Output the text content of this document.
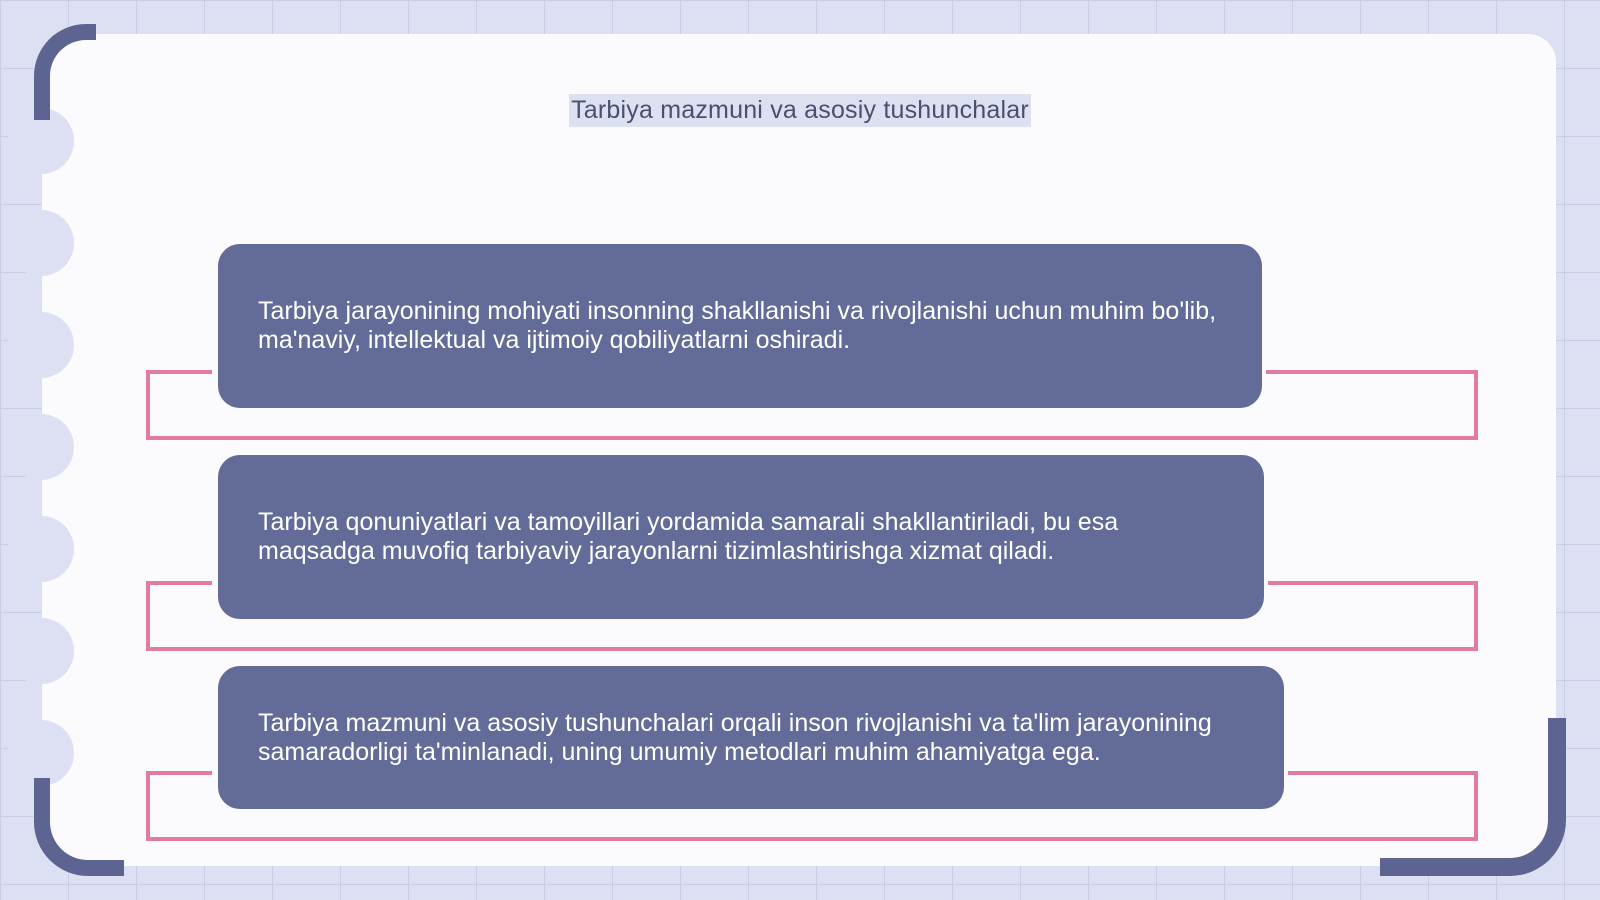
Tarbiya mazmuni va asosiy tushunchalar
Tarbiya jarayonining mohiyati insonning shakllanishi va rivojlanishi uchun muhim bo'lib, ma'naviy, intellektual va ijtimoiy qobiliyatlarni oshiradi.
Tarbiya qonuniyatlari va tamoyillari yordamida samarali shakllantiriladi, bu esa maqsadga muvofiq tarbiyaviy jarayonlarni tizimlashtirishga xizmat qiladi.
Tarbiya mazmuni va asosiy tushunchalari orqali inson rivojlanishi va ta'lim jarayonining samaradorligi ta'minlanadi, uning umumiy metodlari muhim ahamiyatga ega.
